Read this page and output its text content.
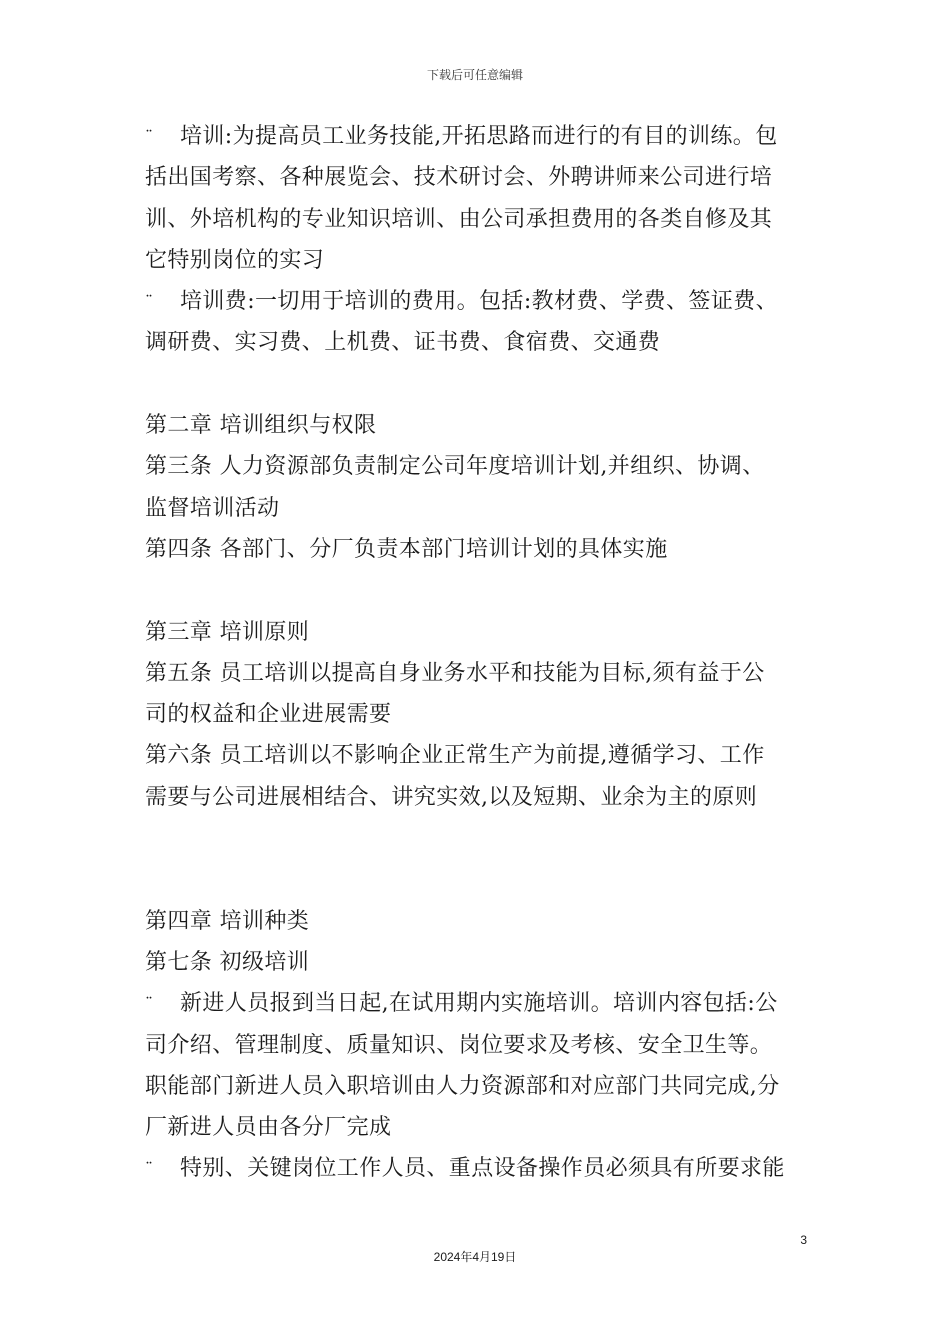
下载后可任意编辑
¨ 培训:为提高员工业务技能,开拓思路而进行的有目的训练。包
括出国考察、各种展览会、技术研讨会、外聘讲师来公司进行培
训、外培机构的专业知识培训、由公司承担费用的各类自修及其
它特别岗位的实习
¨ 培训费:一切用于培训的费用。包括:教材费、学费、签证费、
调研费、实习费、上机费、证书费、食宿费、交通费
第二章 培训组织与权限
第三条 人力资源部负责制定公司年度培训计划,并组织、协调、
监督培训活动
第四条 各部门、分厂负责本部门培训计划的具体实施
第三章 培训原则
第五条 员工培训以提高自身业务水平和技能为目标,须有益于公
司的权益和企业进展需要
第六条 员工培训以不影响企业正常生产为前提,遵循学习、工作
需要与公司进展相结合、讲究实效,以及短期、业余为主的原则
第四章 培训种类
第七条 初级培训
¨ 新进人员报到当日起,在试用期内实施培训。培训内容包括:公
司介绍、管理制度、质量知识、岗位要求及考核、安全卫生等。
职能部门新进人员入职培训由人力资源部和对应部门共同完成,分
厂新进人员由各分厂完成
¨ 特别、关键岗位工作人员、重点设备操作员必须具有所要求能
3
2024年4月19日
